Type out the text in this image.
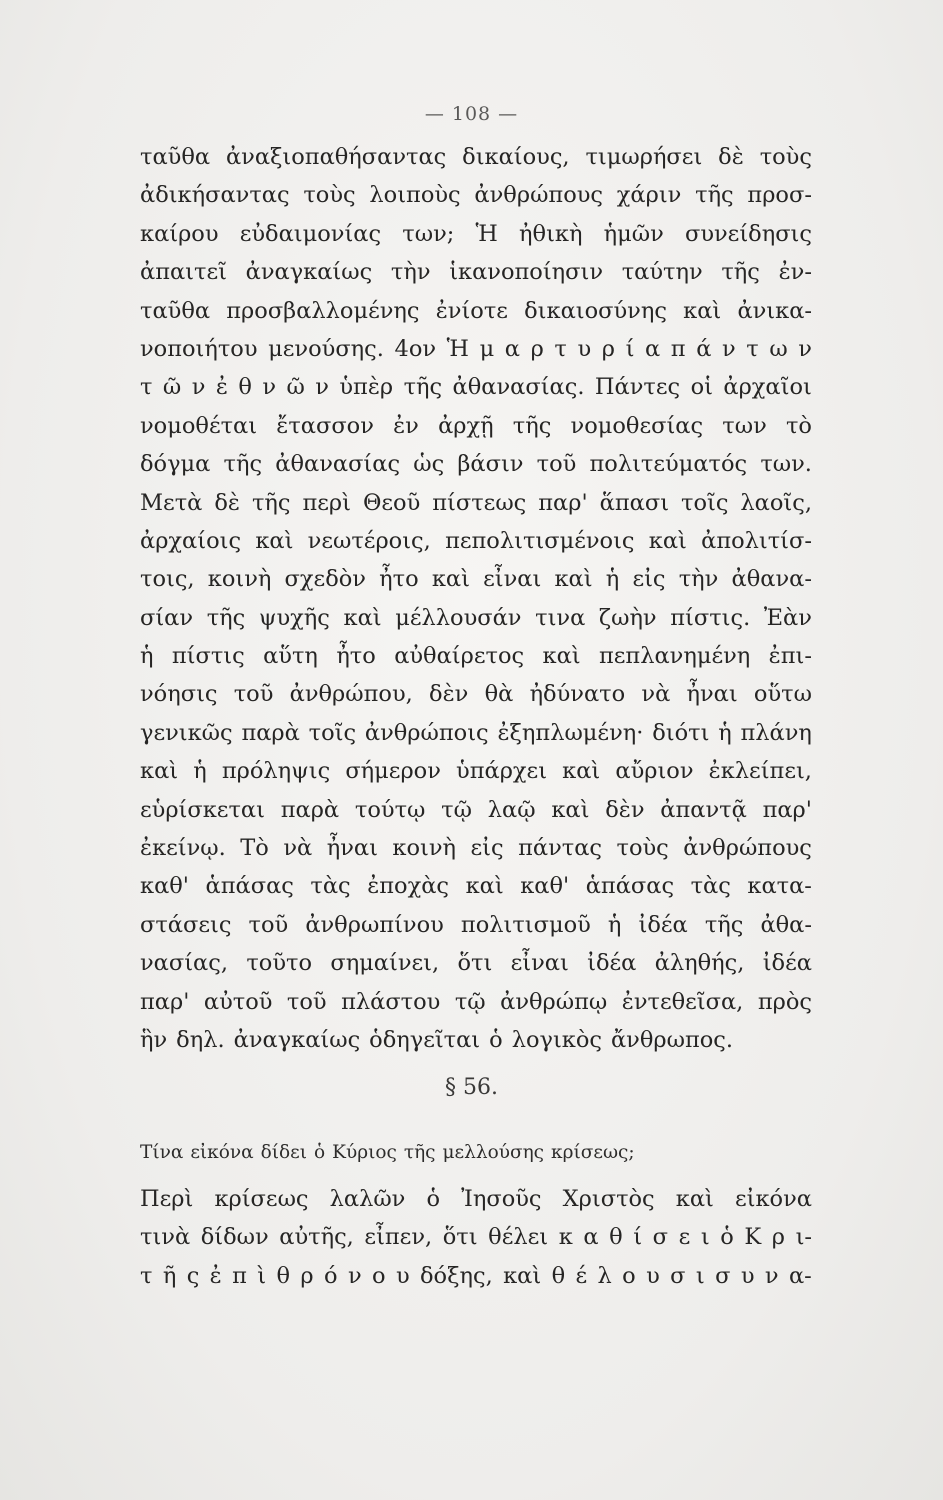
— 108 —
ταῦθα ἀναξιοπαθήσαντας δικαίους, τιμωρήσει δὲ τοὺς
ἀδικήσαντας τοὺς λοιποὺς ἀνθρώπους χάριν τῆς προσ-
καίρου εὐδαιμονίας των; Ἡ ἠθικὴ ἡμῶν συνείδησις
ἀπαιτεῖ ἀναγκαίως τὴν ἱκανοποίησιν ταύτην τῆς ἐν-
ταῦθα προσβαλλομένης ἐνίοτε δικαιοσύνης καὶ ἀνικα-
νοποιήτου μενούσης. 4ον Ἡ μ α ρ τ υ ρ ί α π ά ν τ ω ν
τ ῶ ν ἐ θ ν ῶ ν ὑπὲρ τῆς ἀθανασίας. Πάντες οἱ ἀρχαῖοι
νομοθέται ἔτασσον ἐν ἀρχῇ τῆς νομοθεσίας των τὸ
δόγμα τῆς ἀθανασίας ὡς βάσιν τοῦ πολιτεύματός των.
Μετὰ δὲ τῆς περὶ Θεοῦ πίστεως παρ' ἅπασι τοῖς λαοῖς,
ἀρχαίοις καὶ νεωτέροις, πεπολιτισμένοις καὶ ἀπολιτίσ-
τοις, κοινὴ σχεδὸν ἦτο καὶ εἶναι καὶ ἡ εἰς τὴν ἀθανα-
σίαν τῆς ψυχῆς καὶ μέλλουσάν τινα ζωὴν πίστις. Ἐὰν
ἡ πίστις αὕτη ἦτο αὐθαίρετος καὶ πεπλανημένη ἐπι-
νόησις τοῦ ἀνθρώπου, δὲν θὰ ἠδύνατο νὰ ἦναι οὕτω
γενικῶς παρὰ τοῖς ἀνθρώποις ἐξηπλωμένη· διότι ἡ πλάνη
καὶ ἡ πρόληψις σήμερον ὑπάρχει καὶ αὔριον ἐκλείπει,
εὑρίσκεται παρὰ τούτῳ τῷ λαῷ καὶ δὲν ἀπαντᾷ παρ'
ἐκείνῳ. Τὸ νὰ ἦναι κοινὴ εἰς πάντας τοὺς ἀνθρώπους
καθ' ἁπάσας τὰς ἐποχὰς καὶ καθ' ἁπάσας τὰς κατα-
στάσεις τοῦ ἀνθρωπίνου πολιτισμοῦ ἡ ἰδέα τῆς ἀθα-
νασίας, τοῦτο σημαίνει, ὅτι εἶναι ἰδέα ἀληθής, ἰδέα
παρ' αὐτοῦ τοῦ πλάστου τῷ ἀνθρώπῳ ἐντεθεῖσα, πρὸς
ἣν δηλ. ἀναγκαίως ὁδηγεῖται ὁ λογικὸς ἄνθρωπος.
§ 56.
Τίνα εἰκόνα δίδει ὁ Κύριος τῆς μελλούσης κρίσεως;
Περὶ κρίσεως λαλῶν ὁ Ἰησοῦς Χριστὸς καὶ εἰκόνα
τινὰ δίδων αὐτῆς, εἶπεν, ὅτι θέλει κ α θ ί σ ε ι ὁ Κ ρ ι-
τ ῆ ς ἐ π ὶ θ ρ ό ν ο υ δόξης, καὶ θ έ λ ο υ σ ι σ υ ν α-
